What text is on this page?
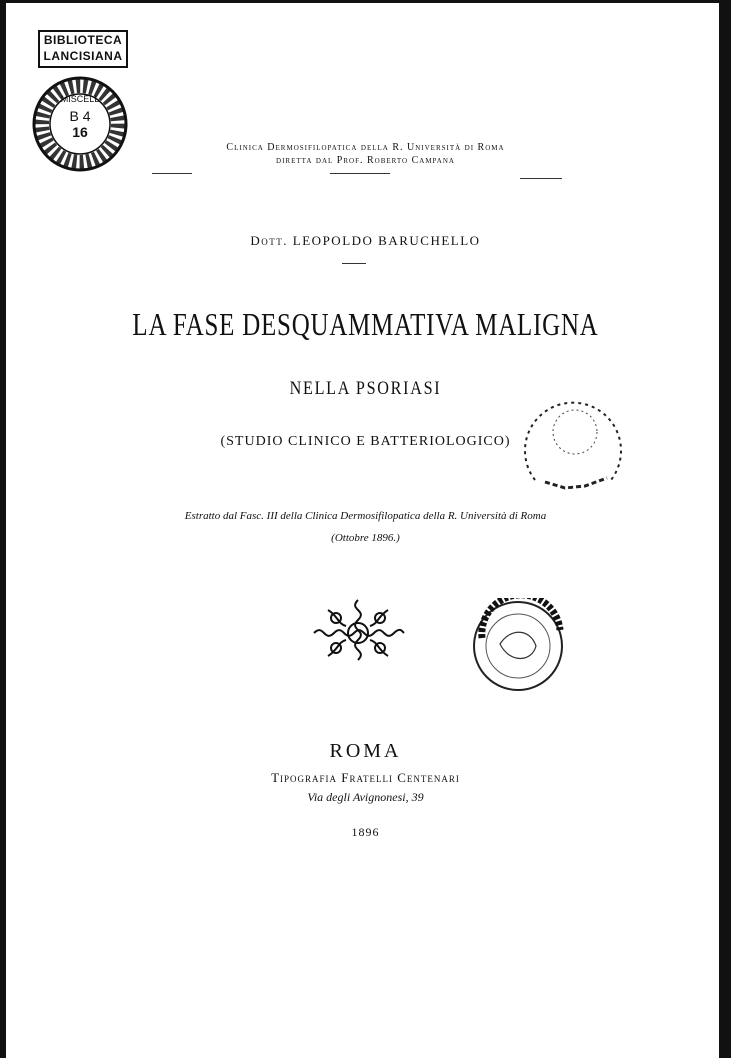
BIBLIOTECA
LANCISIANA
MISCELL
B 4
16
Clinica Dermosifilopatica della R. Università di Roma
diretta dal Prof. Roberto Campana
Dott. LEOPOLDO BARUCHELLO
LA FASE DESQUAMMATIVA MALIGNA
NELLA PSORIASI
(STUDIO CLINICO E BATTERIOLOGICO)
Estratto dal Fasc. III della Clinica Dermosifilopatica della R. Università di Roma
(Ottobre 1896.)
ROMA
Tipografia Fratelli Centenari
Via degli Avignonesi, 39
1896
